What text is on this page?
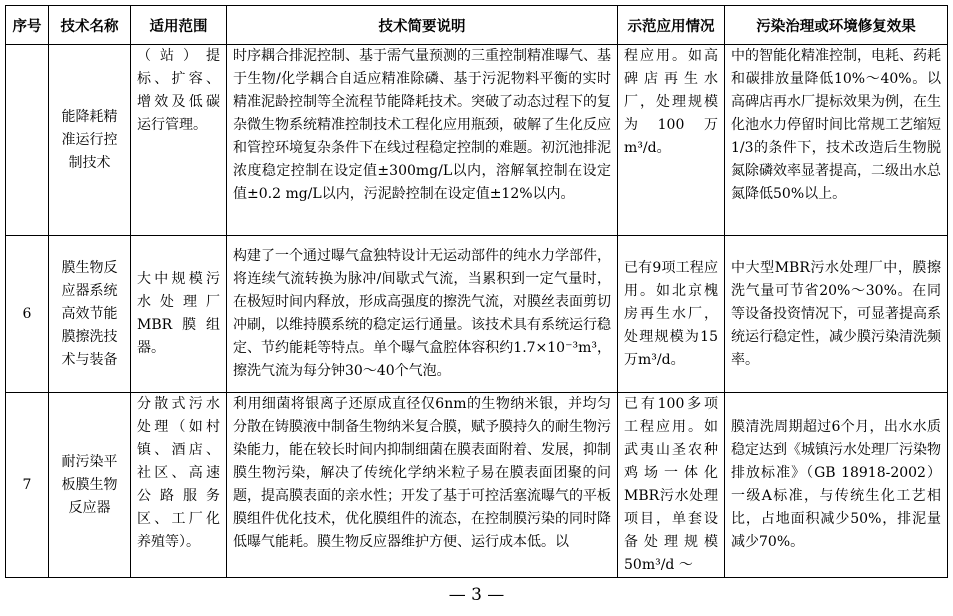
序号	技术名称	适用范围	技术简要说明	示范应用情况	污染治理或环境修复效果
	能降耗精准运行控制技术	（站）提标、扩容、增效及低碳运行管理。	时序耦合排泥控制、基于需气量预测的三重控制精准曝气、基于生物/化学耦合自适应精准除磷、基于污泥物料平衡的实时精准泥龄控制等全流程节能降耗技术。突破了动态过程下的复杂微生物系统精准控制技术工程化应用瓶颈，破解了生化反应和管控环境复杂条件下在线过程稳定控制的难题。初沉池排泥浓度稳定控制在设定值±300mg/L以内，溶解氧控制在设定值±0.2 mg/L以内，污泥龄控制在设定值±12%以内。	程应用。如高碑店再生水厂，处理规模为100万m³/d。	中的智能化精准控制，电耗、药耗和碳排放量降低10%～40%。以高碑店再水厂提标效果为例，在生化池水力停留时间比常规工艺缩短1/3的条件下，技术改造后生物脱氮除磷效率显著提高，二级出水总氮降低50%以上。
6	膜生物反应器系统高效节能膜擦洗技术与装备	大中规模污水处理厂MBR膜组器。	构建了一个通过曝气盒独特设计无运动部件的纯水力学部件，将连续气流转换为脉冲/间歇式气流，当累积到一定气量时，在极短时间内释放，形成高强度的擦洗气流，对膜丝表面剪切冲刷，以维持膜系统的稳定运行通量。该技术具有系统运行稳定、节约能耗等特点。单个曝气盒腔体容积约1.7×10⁻³m³，擦洗气流为每分钟30～40个气泡。	已有9项工程应用。如北京槐房再生水厂，处理规模为15万m³/d。	中大型MBR污水处理厂中，膜擦洗气量可节省20%～30%。在同等设备投资情况下，可显著提高系统运行稳定性，减少膜污染清洗频率。
7	耐污染平板膜生物反应器	分散式污水处理（如村镇、酒店、社区、高速公路服务区、工厂化养殖等）。	利用细菌将银离子还原成直径仅6nm的生物纳米银，并均匀分散在铸膜液中制备生物纳米复合膜，赋予膜持久的耐生物污染能力，能在较长时间内抑制细菌在膜表面附着、发展，抑制膜生物污染，解决了传统化学纳米粒子易在膜表面团聚的问题，提高膜表面的亲水性；开发了基于可控活塞流曝气的平板膜组件优化技术，优化膜组件的流态，在控制膜污染的同时降低曝气能耗。膜生物反应器维护方便、运行成本低。以	已有100多项工程应用。如武夷山圣农种鸡场一体化MBR污水处理项目，单套设备处理规模50m³/d ～	膜清洗周期超过6个月，出水水质稳定达到《城镇污水处理厂污染物排放标准》（GB 18918-2002）一级A标准，与传统生化工艺相比，占地面积减少50%，排泥量减少70%。
— 3 —
